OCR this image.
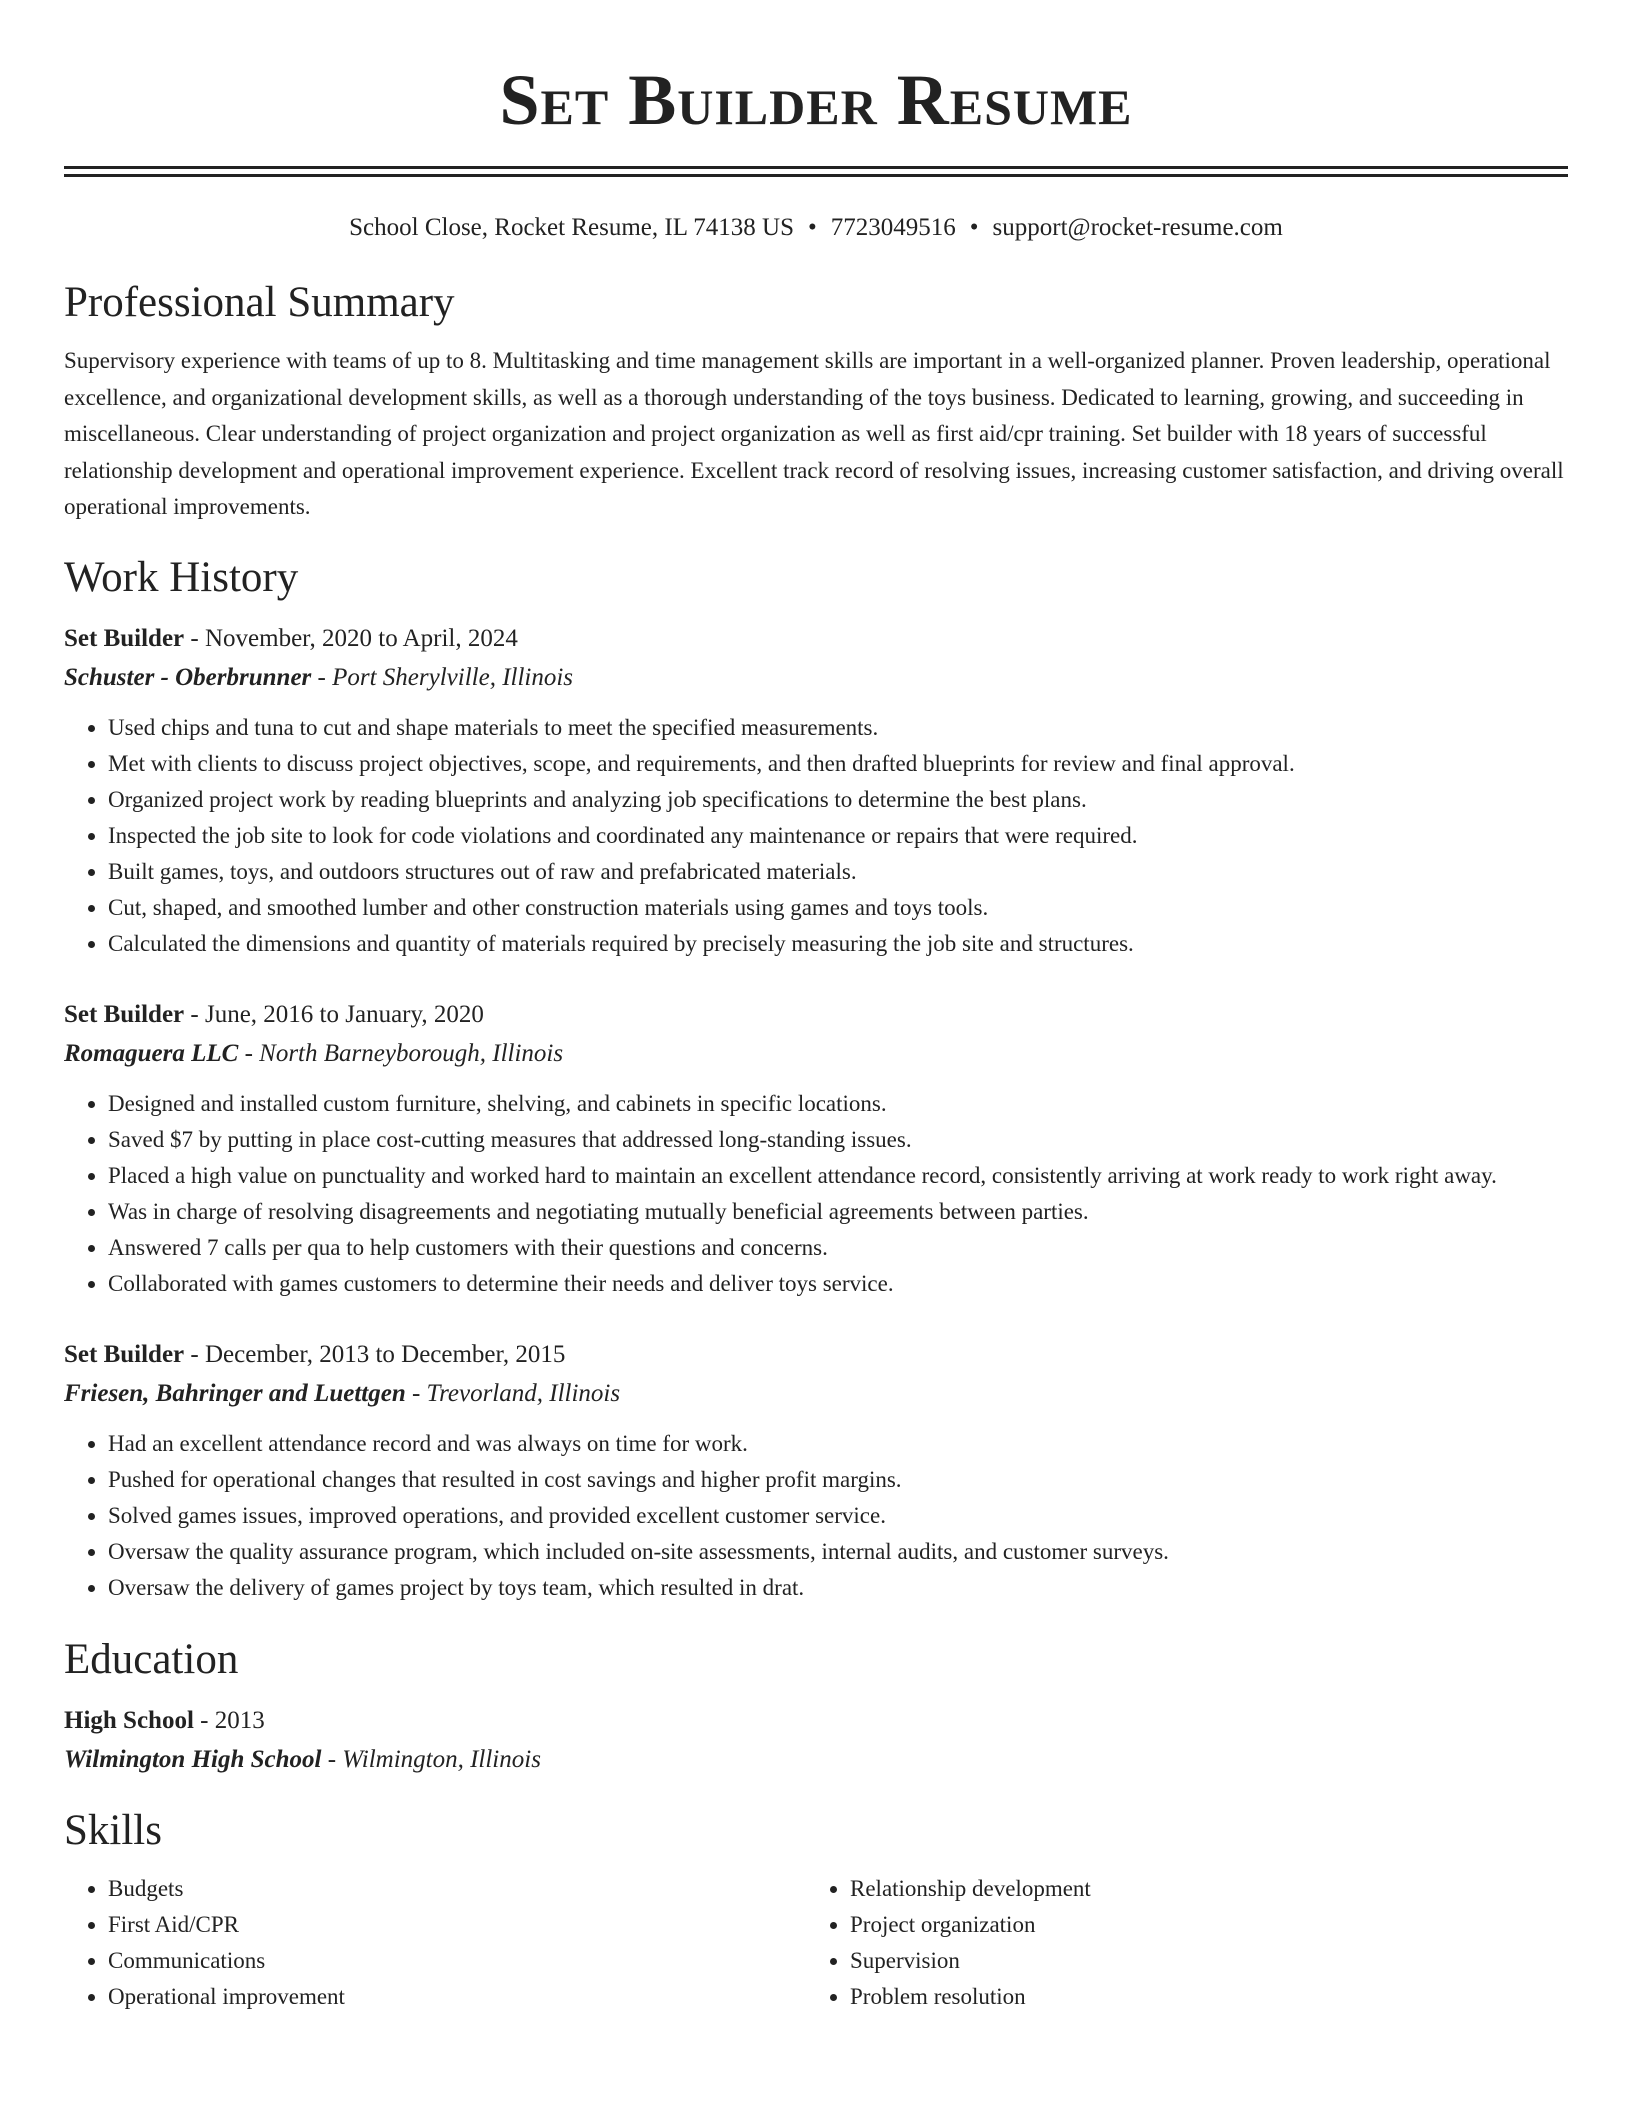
Set Builder Resume
School Close, Rocket Resume, IL 74138 US • 7723049516 • support@rocket-resume.com
Professional Summary

Supervisory experience with teams of up to 8. Multitasking and time management skills are important in a well-organized planner. Proven leadership, operational excellence, and organizational development skills, as well as a thorough understanding of the toys business. Dedicated to learning, growing, and succeeding in miscellaneous. Clear understanding of project organization and project organization as well as first aid/cpr training. Set builder with 18 years of successful relationship development and operational improvement experience. Excellent track record of resolving issues, increasing customer satisfaction, and driving overall operational improvements.

Work History
Set Builder - November, 2020 to April, 2024
Schuster - Oberbrunner - Port Sherylville, Illinois
• Used chips and tuna to cut and shape materials to meet the specified measurements.
• Met with clients to discuss project objectives, scope, and requirements, and then drafted blueprints for review and final approval.
• Organized project work by reading blueprints and analyzing job specifications to determine the best plans.
• Inspected the job site to look for code violations and coordinated any maintenance or repairs that were required.
• Built games, toys, and outdoors structures out of raw and prefabricated materials.
• Cut, shaped, and smoothed lumber and other construction materials using games and toys tools.
• Calculated the dimensions and quantity of materials required by precisely measuring the job site and structures.
Set Builder - June, 2016 to January, 2020
Romaguera LLC - North Barneyborough, Illinois
• Designed and installed custom furniture, shelving, and cabinets in specific locations.
• Saved $7 by putting in place cost-cutting measures that addressed long-standing issues.
• Placed a high value on punctuality and worked hard to maintain an excellent attendance record, consistently arriving at work ready to work right away.
• Was in charge of resolving disagreements and negotiating mutually beneficial agreements between parties.
• Answered 7 calls per qua to help customers with their questions and concerns.
• Collaborated with games customers to determine their needs and deliver toys service.
Set Builder - December, 2013 to December, 2015
Friesen, Bahringer and Luettgen - Trevorland, Illinois
• Had an excellent attendance record and was always on time for work.
• Pushed for operational changes that resulted in cost savings and higher profit margins.
• Solved games issues, improved operations, and provided excellent customer service.
• Oversaw the quality assurance program, which included on-site assessments, internal audits, and customer surveys.
• Oversaw the delivery of games project by toys team, which resulted in drat.
Education
High School - 2013
Wilmington High School - Wilmington, Illinois
Skills
• Budgets
• First Aid/CPR
• Communications
• Operational improvement
• Relationship development
• Project organization
• Supervision
• Problem resolution
